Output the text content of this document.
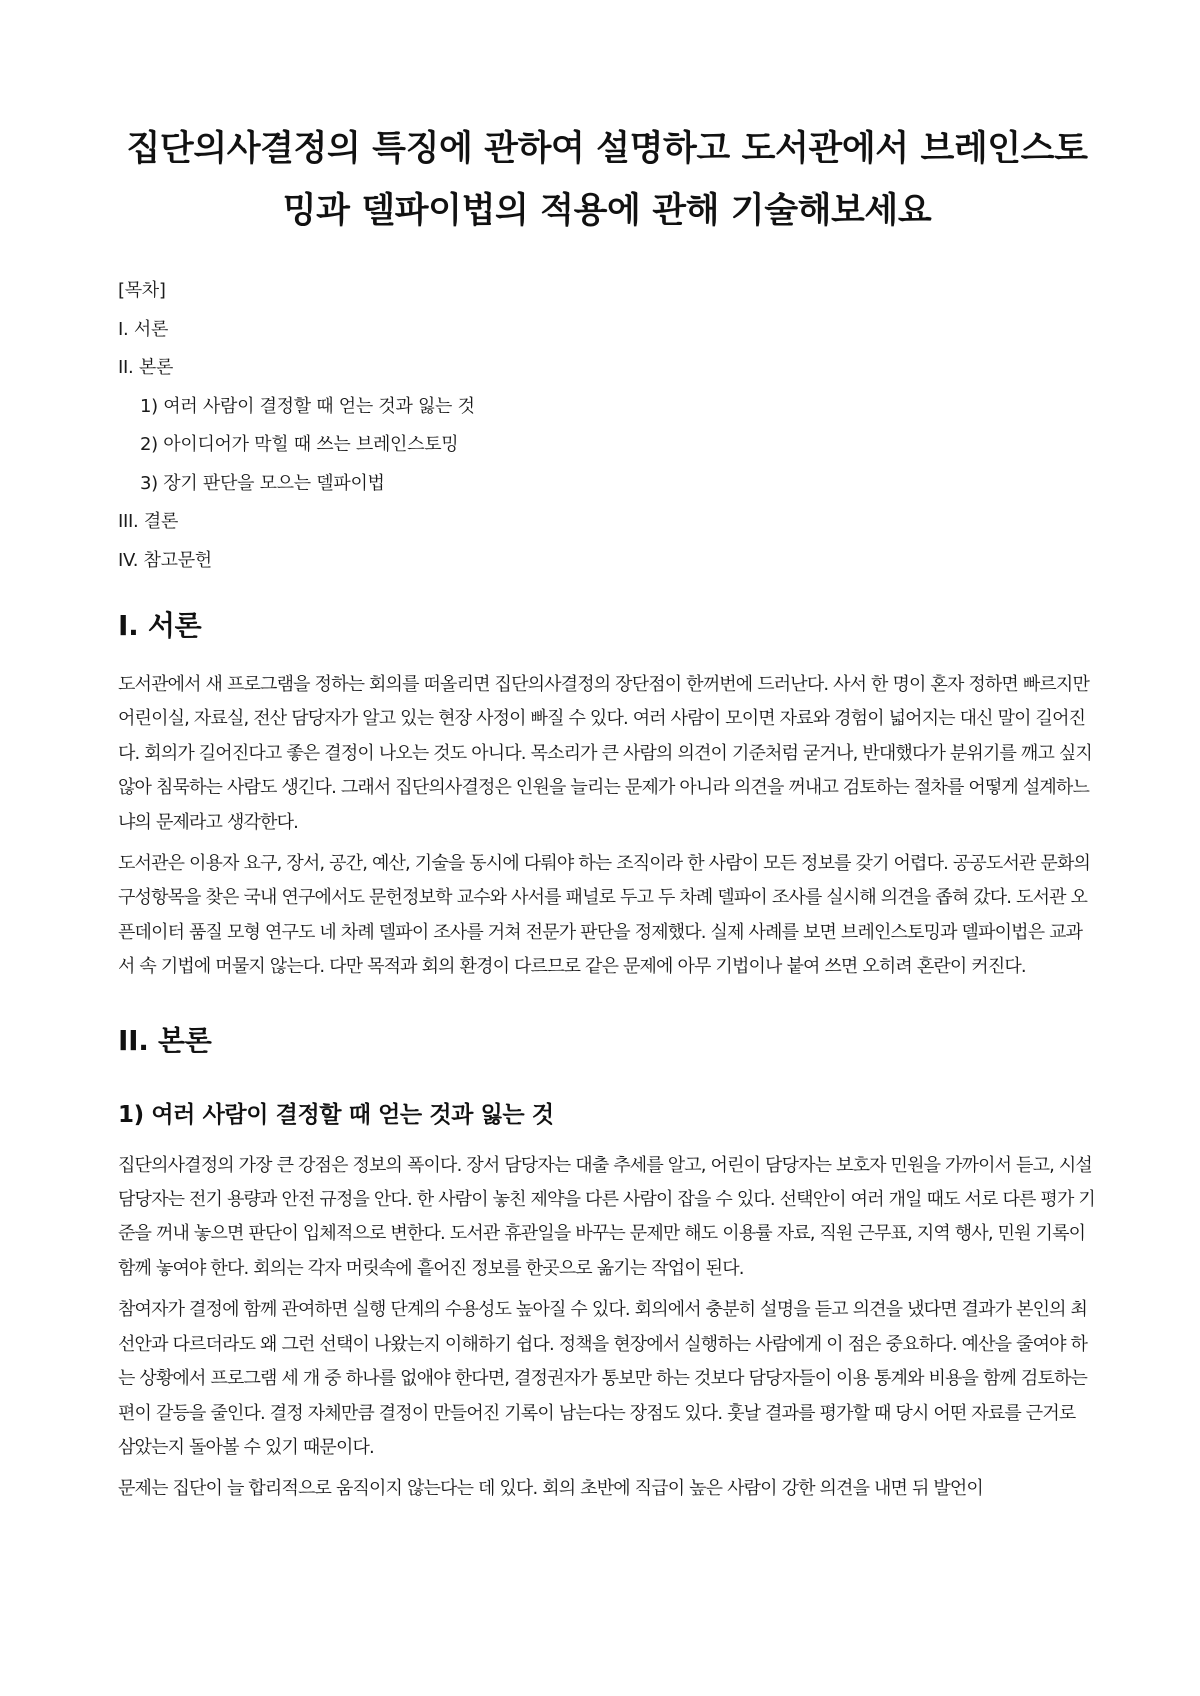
집단의사결정의 특징에 관하여 설명하고 도서관에서 브레인스토밍과 델파이법의 적용에 관해 기술해보세요
[목차]
I. 서론
II. 본론
1) 여러 사람이 결정할 때 얻는 것과 잃는 것
2) 아이디어가 막힐 때 쓰는 브레인스토밍
3) 장기 판단을 모으는 델파이법
III. 결론
IV. 참고문헌
I. 서론

도서관에서 새 프로그램을 정하는 회의를 떠올리면 집단의사결정의 장단점이 한꺼번에 드러난다. 사서 한 명이 혼자 정하면 빠르지만 어린이실, 자료실, 전산 담당자가 알고 있는 현장 사정이 빠질 수 있다. 여러 사람이 모이면 자료와 경험이 넓어지는 대신 말이 길어진다. 회의가 길어진다고 좋은 결정이 나오는 것도 아니다. 목소리가 큰 사람의 의견이 기준처럼 굳거나, 반대했다가 분위기를 깨고 싶지 않아 침묵하는 사람도 생긴다. 그래서 집단의사결정은 인원을 늘리는 문제가 아니라 의견을 꺼내고 검토하는 절차를 어떻게 설계하느냐의 문제라고 생각한다.

도서관은 이용자 요구, 장서, 공간, 예산, 기술을 동시에 다뤄야 하는 조직이라 한 사람이 모든 정보를 갖기 어렵다. 공공도서관 문화의 구성항목을 찾은 국내 연구에서도 문헌정보학 교수와 사서를 패널로 두고 두 차례 델파이 조사를 실시해 의견을 좁혀 갔다. 도서관 오픈데이터 품질 모형 연구도 네 차례 델파이 조사를 거쳐 전문가 판단을 정제했다. 실제 사례를 보면 브레인스토밍과 델파이법은 교과서 속 기법에 머물지 않는다. 다만 목적과 회의 환경이 다르므로 같은 문제에 아무 기법이나 붙여 쓰면 오히려 혼란이 커진다.

II. 본론
1) 여러 사람이 결정할 때 얻는 것과 잃는 것

집단의사결정의 가장 큰 강점은 정보의 폭이다. 장서 담당자는 대출 추세를 알고, 어린이 담당자는 보호자 민원을 가까이서 듣고, 시설 담당자는 전기 용량과 안전 규정을 안다. 한 사람이 놓친 제약을 다른 사람이 잡을 수 있다. 선택안이 여러 개일 때도 서로 다른 평가 기준을 꺼내 놓으면 판단이 입체적으로 변한다. 도서관 휴관일을 바꾸는 문제만 해도 이용률 자료, 직원 근무표, 지역 행사, 민원 기록이 함께 놓여야 한다. 회의는 각자 머릿속에 흩어진 정보를 한곳으로 옮기는 작업이 된다.

참여자가 결정에 함께 관여하면 실행 단계의 수용성도 높아질 수 있다. 회의에서 충분히 설명을 듣고 의견을 냈다면 결과가 본인의 최선안과 다르더라도 왜 그런 선택이 나왔는지 이해하기 쉽다. 정책을 현장에서 실행하는 사람에게 이 점은 중요하다. 예산을 줄여야 하는 상황에서 프로그램 세 개 중 하나를 없애야 한다면, 결정권자가 통보만 하는 것보다 담당자들이 이용 통계와 비용을 함께 검토하는 편이 갈등을 줄인다. 결정 자체만큼 결정이 만들어진 기록이 남는다는 장점도 있다. 훗날 결과를 평가할 때 당시 어떤 자료를 근거로 삼았는지 돌아볼 수 있기 때문이다.

문제는 집단이 늘 합리적으로 움직이지 않는다는 데 있다. 회의 초반에 직급이 높은 사람이 강한 의견을 내면 뒤 발언이
